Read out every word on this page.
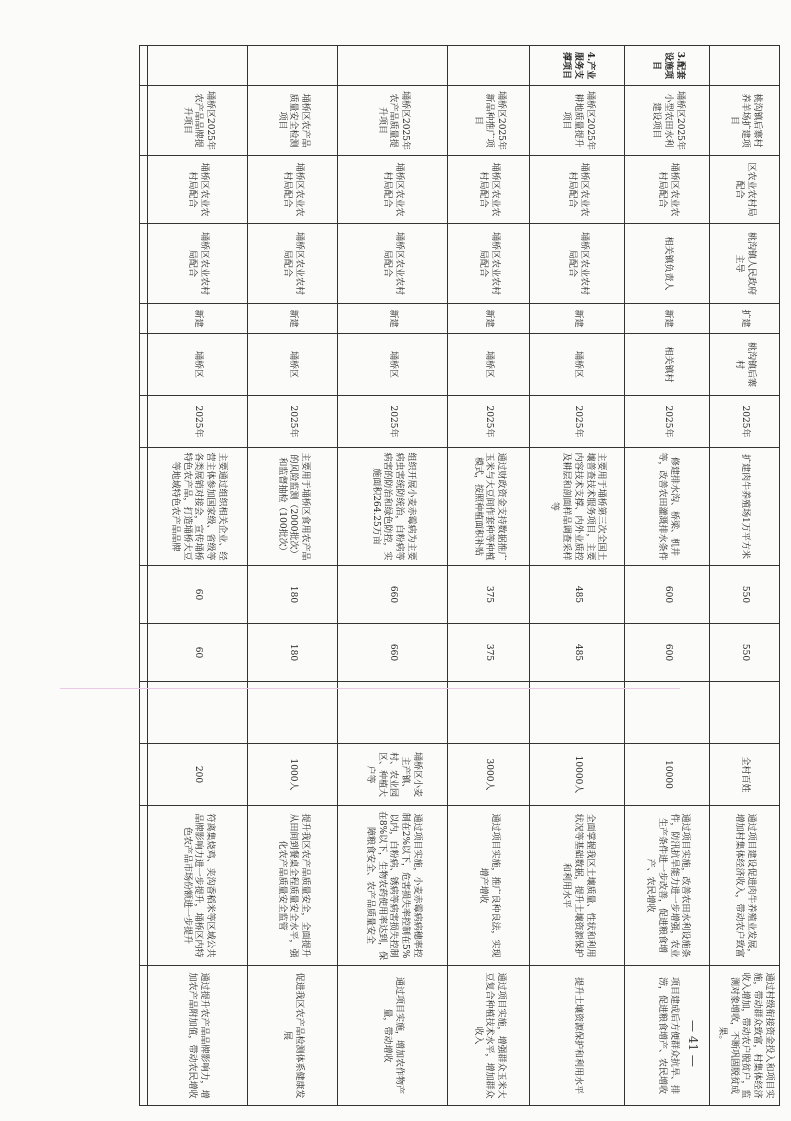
	桃沟镇后寨村养羊场扩建项目	区农业农村局配合	桃沟镇人民政府主导	扩建	桃沟镇后寨村	2025年	扩建肉牛养殖场1万平方米	550	550		全村百姓	通过项目建设促进肉牛养殖业发展，增加村集体经济收入，带动农户致富	通过村级衔接资金投入和项目实施，带动群众致富，村集体经济收入增加，带动农户脱贫户，监测对象增收，不断巩固脱贫成果。
3.配套设施项目	埇桥区2025年小型农田水利建设项目	埇桥区农业农村局配合	相关镇负责人	新建	相关镇村	2025年	修建排水沟、桥梁、机井等，改善农田灌溉排水条件	600	600		10000	通过项目实施，改善农田水利设施条件，防汛抗旱能力进一步增强，农业生产条件进一步改善，促进粮食增产、农民增收	项目建成后方便群众抗旱、排涝，促进粮食增产、农民增收
4.产业服务支撑项目	埇桥区2025年耕地质量提升项目	埇桥区农业农村局配合	埇桥区农业农村局配合	新建	埇桥区	2025年	主要用于埇桥第三次全国土壤普查技术服务项目，主要内容技术支撑、内外业质控及耕层和剖面样品调查采样等	485	485		10000人	全面掌握我区土壤质量、性状和利用状况等基础数据，提升土壤资源保护和利用水平	提升土壤资源保护和利用水平
	埇桥区2025年新品种推广项目	埇桥区农业农村局配合	埇桥区农业农村局配合	新建	埇桥区	2025年	通过财政资金支持数据推广玉米与大豆间作套种等种植模式，按照种植面积补贴	375	375		3000人	通过项目实施，推广良种良法，实现增产增收	通过项目实施，增强群众玉米大豆复合种植技术水平，增加群众收入
	埇桥区2025年农产品质量提升项目	埇桥区农业农村局配合	埇桥区农业农村局配合	新建	埇桥区	2025年	组织开展小麦赤霉病为主要病虫害统防统治，白粉病等病害的防治和绿色防控，实施面积264.25万亩	660	660		埇桥区小麦主产镇、村、农业园区、种植大户等	通过项目实施，小麦赤霉病病穗率控制在2%以下，危害损失率控制在5%以内，白粉病、锈病等病害损失控制在8%以下，生物农药使用率达到，保障粮食安全、农产品质量安全	通过项目实施，增加农作物产量，带动增收
	埇桥区农产品质量安全检测项目	埇桥区农业农村局配合	埇桥区农业农村局配合	新建	埇桥区	2025年	主要用于埇桥区食用农产品的风险监测（2000批次）和监督抽检（100批次）	180	180		1000人	提升我区农产品质量安全，全面提升从田间到餐桌全程质量安全水平，强化农产品质量安全监管	促进我区农产品检测体系健康发展
	埇桥区2025年农产品品牌提升项目	埇桥区农业农村局配合	埇桥区农业农村局配合	新建	埇桥区	2025年	主要通过组织相关企业、经营主体参加国家级、省级等各类展销对接会，宣传埇桥特色农产品，打造埇桥大豆等地域特色农产品品牌	60	60		200	符离集烧鸡、夹沟香稻米等区域公共品牌影响力进一步提升，埇桥区内特色农产品市场份额进一步提升	通过提升农产品品牌影响力，增加农产品附加值，带动农民增收
														— 41 —
